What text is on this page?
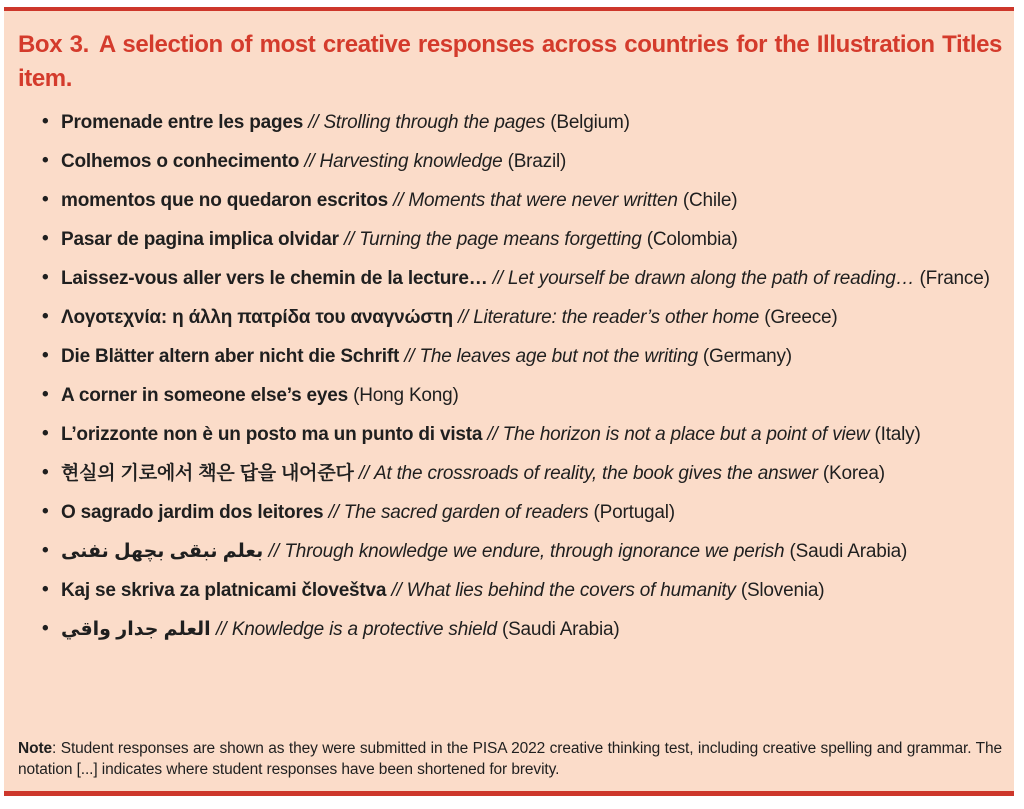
Box 3. A selection of most creative responses across countries for the Illustration Titles item.
• Promenade entre les pages // Strolling through the pages (Belgium)
• Colhemos o conhecimento // Harvesting knowledge (Brazil)
• momentos que no quedaron escritos // Moments that were never written (Chile)
• Pasar de pagina implica olvidar // Turning the page means forgetting (Colombia)
• Laissez-vous aller vers le chemin de la lecture… // Let yourself be drawn along the path of reading… (France)
• Λογοτεχνία: η άλλη πατρίδα του αναγνώστη // Literature: the reader’s other home (Greece)
• Die Blätter altern aber nicht die Schrift // The leaves age but not the writing (Germany)
• A corner in someone else’s eyes (Hong Kong)
• L’orizzonte non è un posto ma un punto di vista // The horizon is not a place but a point of view (Italy)
• 현실의 기로에서 책은 답을 내어준다 // At the crossroads of reality, the book gives the answer (Korea)
• O sagrado jardim dos leitores // The sacred garden of readers (Portugal)
• بعلم نبقى بچهل نفنى // Through knowledge we endure, through ignorance we perish (Saudi Arabia)
• Kaj se skriva za platnicami človeštva // What lies behind the covers of humanity (Slovenia)
• العلم جدار واقي // Knowledge is a protective shield (Saudi Arabia)

Note: Student responses are shown as they were submitted in the PISA 2022 creative thinking test, including creative spelling and grammar. The notation [...] indicates where student responses have been shortened for brevity.
